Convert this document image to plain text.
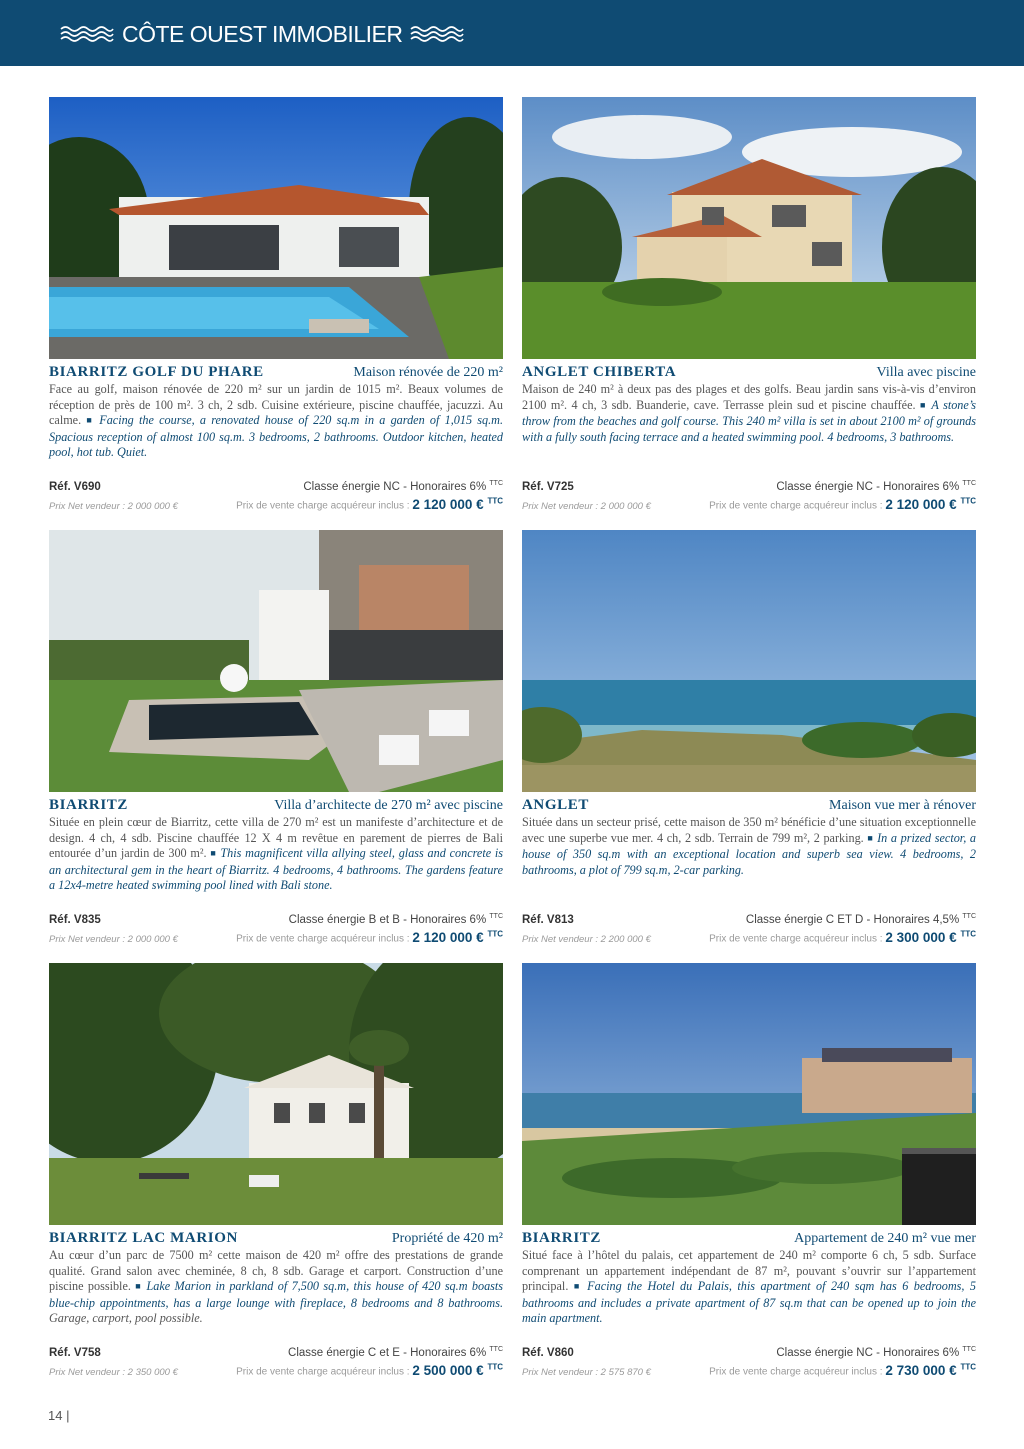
CÔTE OUEST IMMOBILIER
BIARRITZ GOLF DU PHARE	Maison rénovée de 220 m²
Face au golf, maison rénovée de 220 m² sur un jardin de 1015 m². Beaux volumes de réception de près de 100 m². 3 ch, 2 sdb. Cuisine extérieure, piscine chauffée, jacuzzi. Au calme. ■ Facing the course, a renovated house of 220 sq.m in a garden of 1,015 sq.m. Spacious reception of almost 100 sq.m. 3 bedrooms, 2 bathrooms. Outdoor kitchen, heated pool, hot tub. Quiet.
Réf. V690	Classe énergie NC - Honoraires 6% $^{TTC}$
Prix Net vendeur : 2 000 000 €	Prix de vente charge acquéreur inclus : 2 120 000 € $^{TTC}$
ANGLET CHIBERTA	Villa avec piscine
Maison de 240 m² à deux pas des plages et des golfs. Beau jardin sans vis-à-vis d’environ 2100 m². 4 ch, 3 sdb. Buanderie, cave. Terrasse plein sud et piscine chauffée. ■ A stone’s throw from the beaches and golf course. This 240 m² villa is set in about 2100 m² of grounds with a fully south facing terrace and a heated swimming pool. 4 bedrooms, 3 bathrooms.
Réf. V725	Classe énergie NC - Honoraires 6% $^{TTC}$
Prix Net vendeur : 2 000 000 €	Prix de vente charge acquéreur inclus : 2 120 000 € $^{TTC}$
BIARRITZ	Villa d’architecte de 270 m² avec piscine
Située en plein cœur de Biarritz, cette villa de 270 m² est un manifeste d’architecture et de design. 4 ch, 4 sdb. Piscine chauffée 12 X 4 m revêtue en parement de pierres de Bali entourée d’un jardin de 300 m². ■ This magnificent villa allying steel, glass and concrete is an architectural gem in the heart of Biarritz. 4 bedrooms, 4 bathrooms. The gardens feature a 12x4-metre heated swimming pool lined with Bali stone.
Réf. V835	Classe énergie B et B - Honoraires 6% $^{TTC}$
Prix Net vendeur : 2 000 000 €	Prix de vente charge acquéreur inclus : 2 120 000 € $^{TTC}$
ANGLET	Maison vue mer à rénover
Située dans un secteur prisé, cette maison de 350 m² bénéficie d’une situation exceptionnelle avec une superbe vue mer. 4 ch, 2 sdb. Terrain de 799 m², 2 parking. ■ In a prized sector, a house of 350 sq.m with an exceptional location and superb sea view. 4 bedrooms, 2 bathrooms, a plot of 799 sq.m, 2-car parking.
Réf. V813	Classe énergie C ET D - Honoraires 4,5% $^{TTC}$
Prix Net vendeur : 2 200 000 €	Prix de vente charge acquéreur inclus : 2 300 000 € $^{TTC}$
BIARRITZ LAC MARION	Propriété de 420 m²
Au cœur d’un parc de 7500 m² cette maison de 420 m² offre des prestations de grande qualité. Grand salon avec cheminée, 8 ch, 8 sdb. Garage et carport. Construction d’une piscine possible. ■ Lake Marion in parkland of 7,500 sq.m, this house of 420 sq.m boasts blue-chip appointments, has a large lounge with fireplace, 8 bedrooms and 8 bathrooms. Garage, carport, pool possible.
Réf. V758	Classe énergie C et E - Honoraires 6% $^{TTC}$
Prix Net vendeur : 2 350 000 €	Prix de vente charge acquéreur inclus : 2 500 000 € $^{TTC}$
BIARRITZ	Appartement de 240 m² vue mer
Situé face à l’hôtel du palais, cet appartement de 240 m² comporte 6 ch, 5 sdb. Surface comprenant un appartement indépendant de 87 m², pouvant s’ouvrir sur l’appartement principal. ■ Facing the Hotel du Palais, this apartment of 240 sqm has 6 bedrooms, 5 bathrooms and includes a private apartment of 87 sq.m that can be opened up to join the main apartment.
Réf. V860	Classe énergie NC - Honoraires 6% $^{TTC}$
Prix Net vendeur : 2 575 870 €	Prix de vente charge acquéreur inclus : 2 730 000 € $^{TTC}$
14 |
